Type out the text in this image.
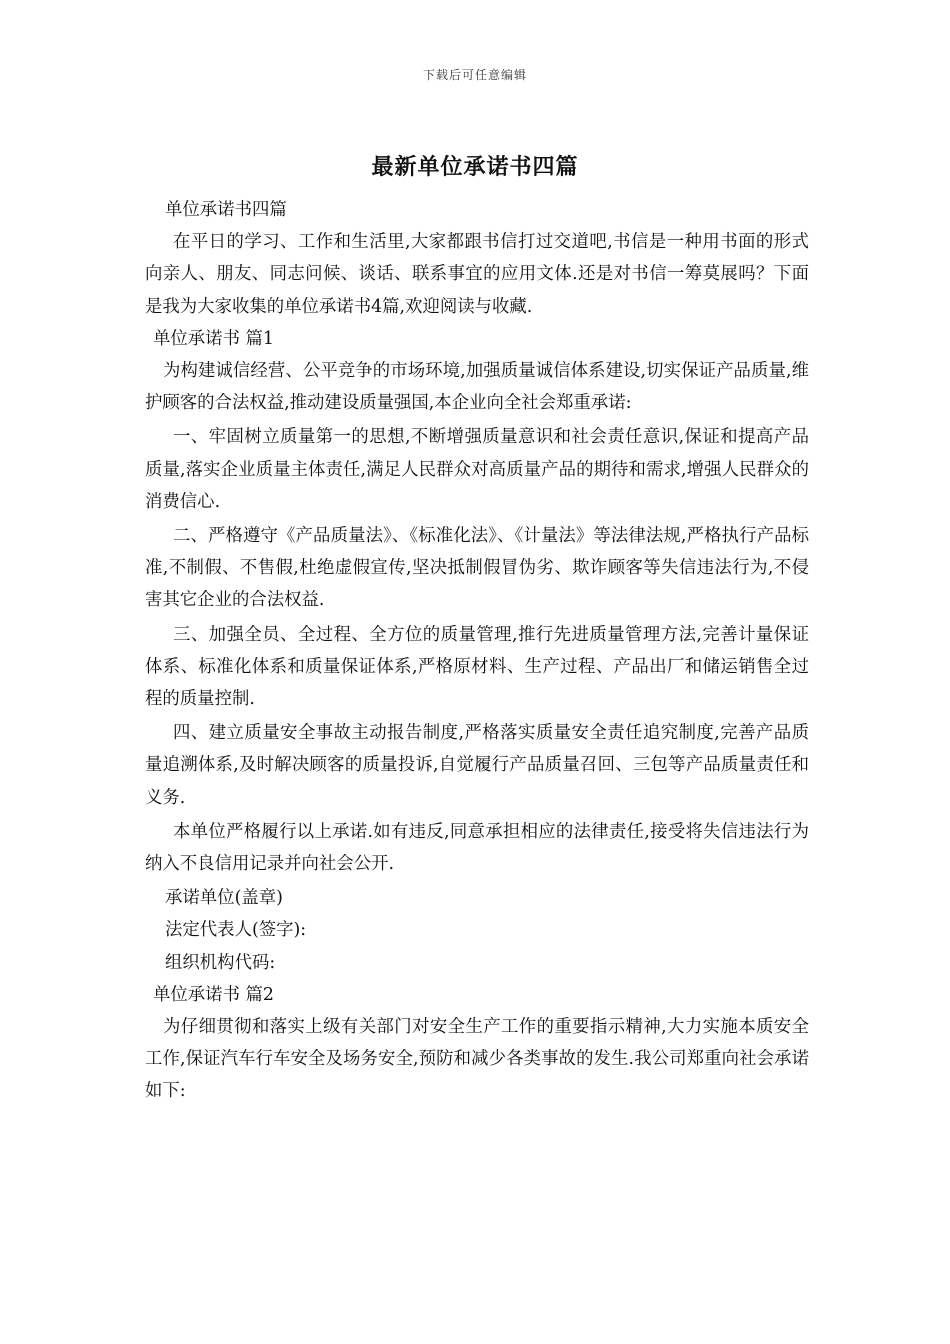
下载后可任意编辑
最新单位承诺书四篇

单位承诺书四篇

在平日的学习、工作和生活里,大家都跟书信打过交道吧,书信是一种用书面的形式向亲人、朋友、同志问候、谈话、联系事宜的应用文体.还是对书信一筹莫展吗？下面是我为大家收集的单位承诺书4篇,欢迎阅读与收藏.

单位承诺书 篇1

为构建诚信经营、公平竞争的市场环境,加强质量诚信体系建设,切实保证产品质量,维护顾客的合法权益,推动建设质量强国,本企业向全社会郑重承诺:

一、牢固树立质量第一的思想,不断增强质量意识和社会责任意识,保证和提高产品质量,落实企业质量主体责任,满足人民群众对高质量产品的期待和需求,增强人民群众的消费信心.

二、严格遵守《产品质量法》、《标准化法》、《计量法》等法律法规,严格执行产品标准,不制假、不售假,杜绝虚假宣传,坚决抵制假冒伪劣、欺诈顾客等失信违法行为,不侵害其它企业的合法权益.

三、加强全员、全过程、全方位的质量管理,推行先进质量管理方法,完善计量保证体系、标准化体系和质量保证体系,严格原材料、生产过程、产品出厂和储运销售全过程的质量控制.

四、建立质量安全事故主动报告制度,严格落实质量安全责任追究制度,完善产品质量追溯体系,及时解决顾客的质量投诉,自觉履行产品质量召回、三包等产品质量责任和义务.

本单位严格履行以上承诺.如有违反,同意承担相应的法律责任,接受将失信违法行为纳入不良信用记录并向社会公开.

承诺单位(盖章)

法定代表人(签字):

组织机构代码:

单位承诺书 篇2

为仔细贯彻和落实上级有关部门对安全生产工作的重要指示精神,大力实施本质安全工作,保证汽车行车安全及场务安全,预防和减少各类事故的发生.我公司郑重向社会承诺如下:
